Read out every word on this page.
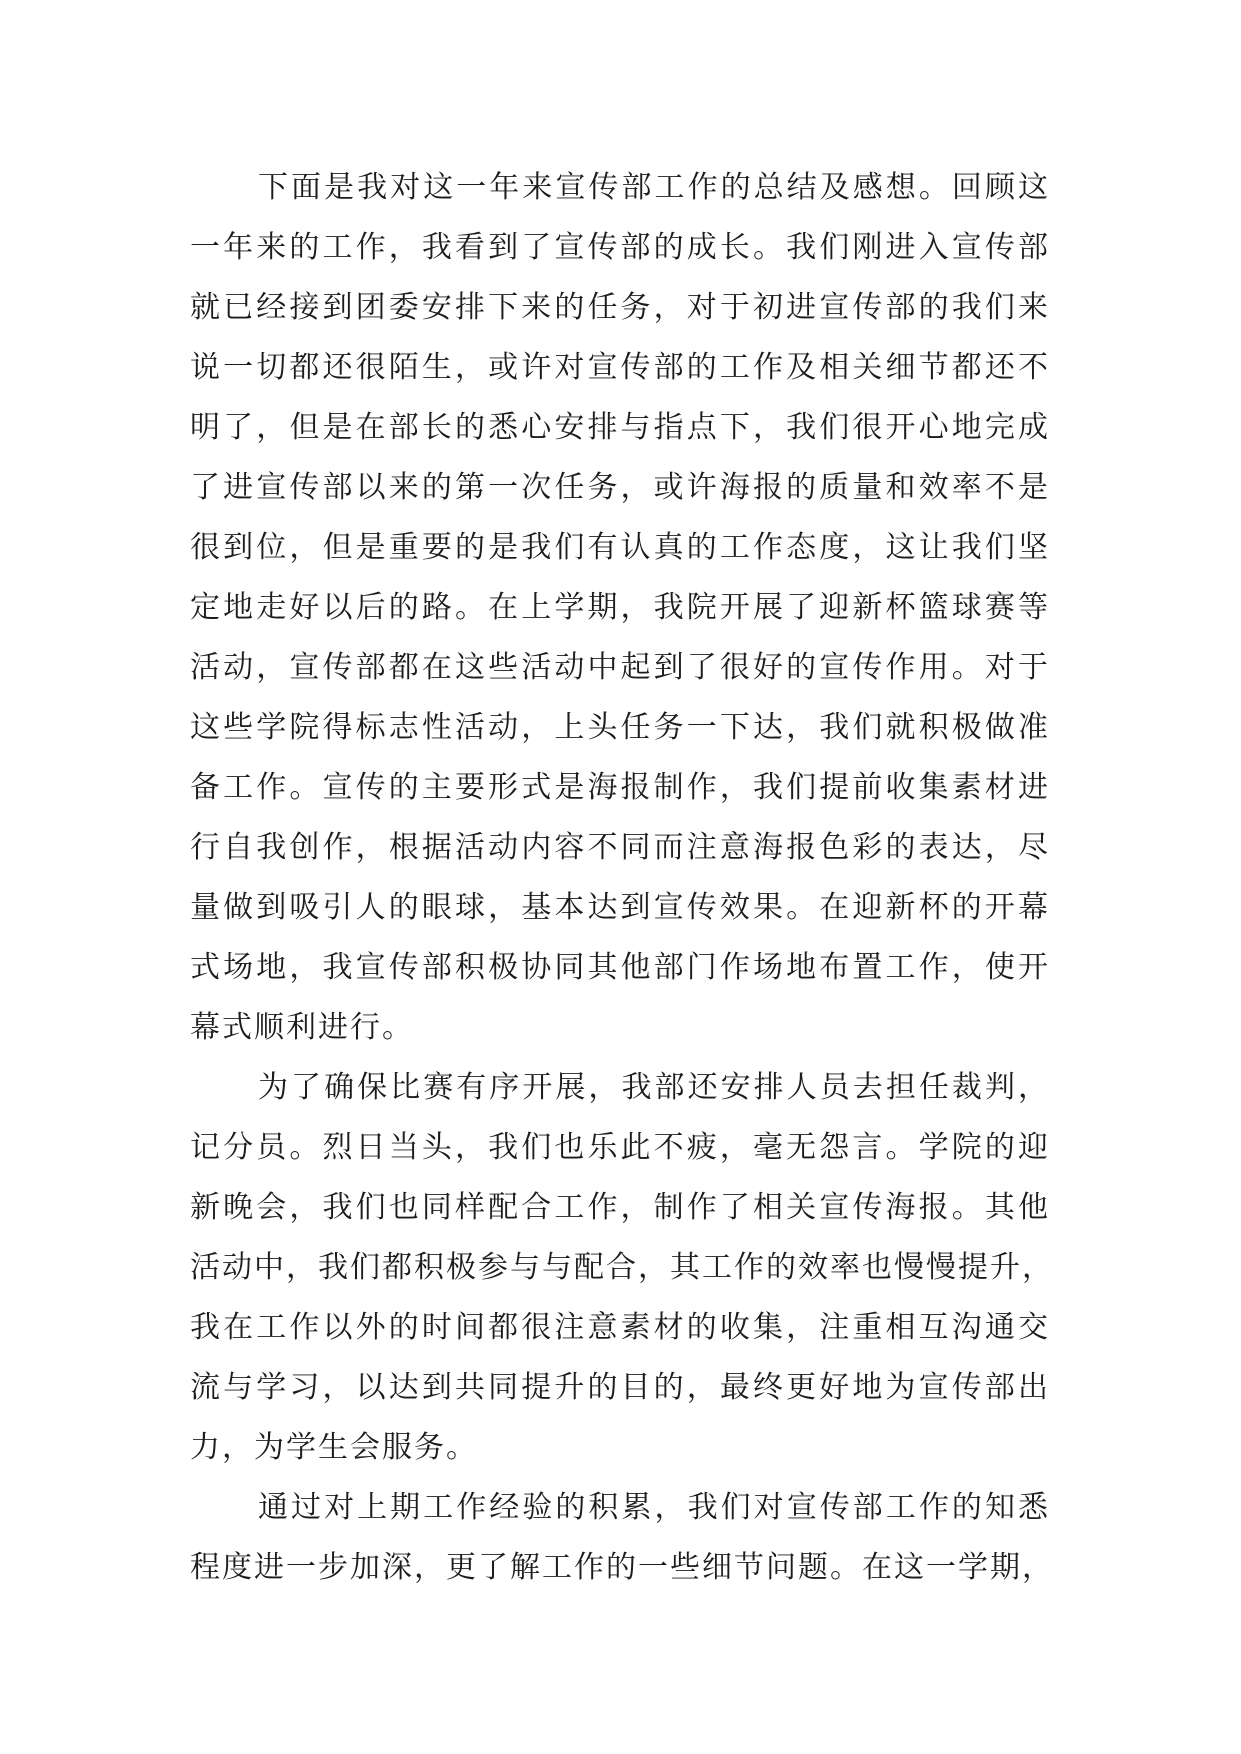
下面是我对这一年来宣传部工作的总结及感想。回顾这
一年来的工作，我看到了宣传部的成长。我们刚进入宣传部
就已经接到团委安排下来的任务，对于初进宣传部的我们来
说一切都还很陌生，或许对宣传部的工作及相关细节都还不
明了，但是在部长的悉心安排与指点下，我们很开心地完成
了进宣传部以来的第一次任务，或许海报的质量和效率不是
很到位，但是重要的是我们有认真的工作态度，这让我们坚
定地走好以后的路。在上学期，我院开展了迎新杯篮球赛等
活动，宣传部都在这些活动中起到了很好的宣传作用。对于
这些学院得标志性活动，上头任务一下达，我们就积极做准
备工作。宣传的主要形式是海报制作，我们提前收集素材进
行自我创作，根据活动内容不同而注意海报色彩的表达，尽
量做到吸引人的眼球，基本达到宣传效果。在迎新杯的开幕
式场地，我宣传部积极协同其他部门作场地布置工作，使开
幕式顺利进行。
为了确保比赛有序开展，我部还安排人员去担任裁判，
记分员。烈日当头，我们也乐此不疲，毫无怨言。学院的迎
新晚会，我们也同样配合工作，制作了相关宣传海报。其他
活动中，我们都积极参与与配合，其工作的效率也慢慢提升，
我在工作以外的时间都很注意素材的收集，注重相互沟通交
流与学习，以达到共同提升的目的，最终更好地为宣传部出
力，为学生会服务。
通过对上期工作经验的积累，我们对宣传部工作的知悉
程度进一步加深，更了解工作的一些细节问题。在这一学期，
